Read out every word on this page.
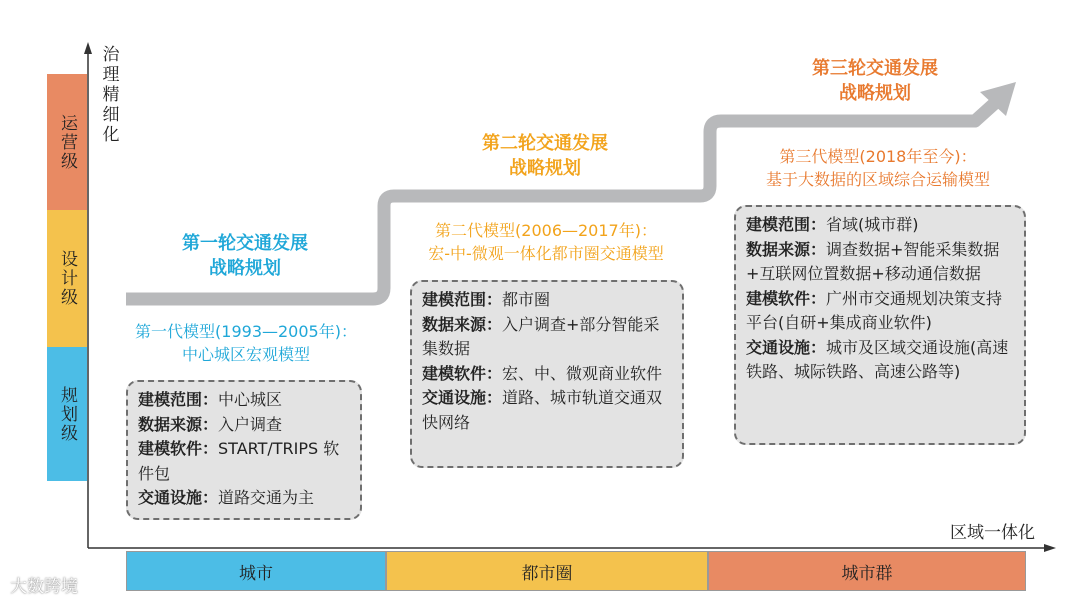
治理精细化
区域一体化
运营级
设计级
规划级
城市	都市圈	城市群
第一轮交通发展
战略规划
第二轮交通发展
战略规划
第三轮交通发展
战略规划
第一代模型(1993—2005年)：
中心城区宏观模型
第二代模型(2006—2017年)：
宏-中-微观一体化都市圈交通模型
第三代模型(2018年至今)：
基于大数据的区域综合运输模型
建模范围：中心城区
数据来源：入户调查
建模软件：START/TRIPS 软件包
交通设施：道路交通为主
建模范围：都市圈
数据来源：入户调查+部分智能采集数据
建模软件：宏、中、微观商业软件
交通设施：道路、城市轨道交通双快网络
建模范围：省域(城市群)
数据来源：调查数据+智能采集数据+互联网位置数据+移动通信数据
建模软件：广州市交通规划决策支持平台(自研+集成商业软件)
交通设施：城市及区域交通设施(高速铁路、城际铁路、高速公路等)
大数跨境
